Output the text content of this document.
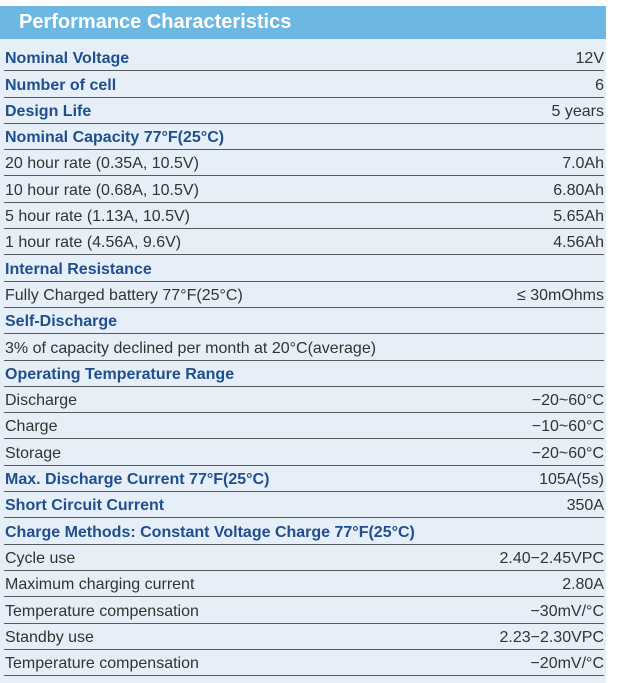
Performance Characteristics
Nominal Voltage	12V
Number of cell	6
Design Life	5 years
Nominal Capacity 77°F(25°C)
20 hour rate (0.35A, 10.5V)	7.0Ah
10 hour rate (0.68A, 10.5V)	6.80Ah
5 hour rate (1.13A, 10.5V)	5.65Ah
1 hour rate (4.56A, 9.6V)	4.56Ah
Internal Resistance
Fully Charged battery 77°F(25°C)	≤ 30mOhms
Self-Discharge
3% of capacity declined per month at 20°C(average)
Operating Temperature Range
Discharge	−20~60°C
Charge	−10~60°C
Storage	−20~60°C
Max. Discharge Current 77°F(25°C)	105A(5s)
Short Circuit Current	350A
Charge Methods: Constant Voltage Charge 77°F(25°C)
Cycle use	2.40−2.45VPC
Maximum charging current	2.80A
Temperature compensation	−30mV/°C
Standby use	2.23−2.30VPC
Temperature compensation	−20mV/°C
